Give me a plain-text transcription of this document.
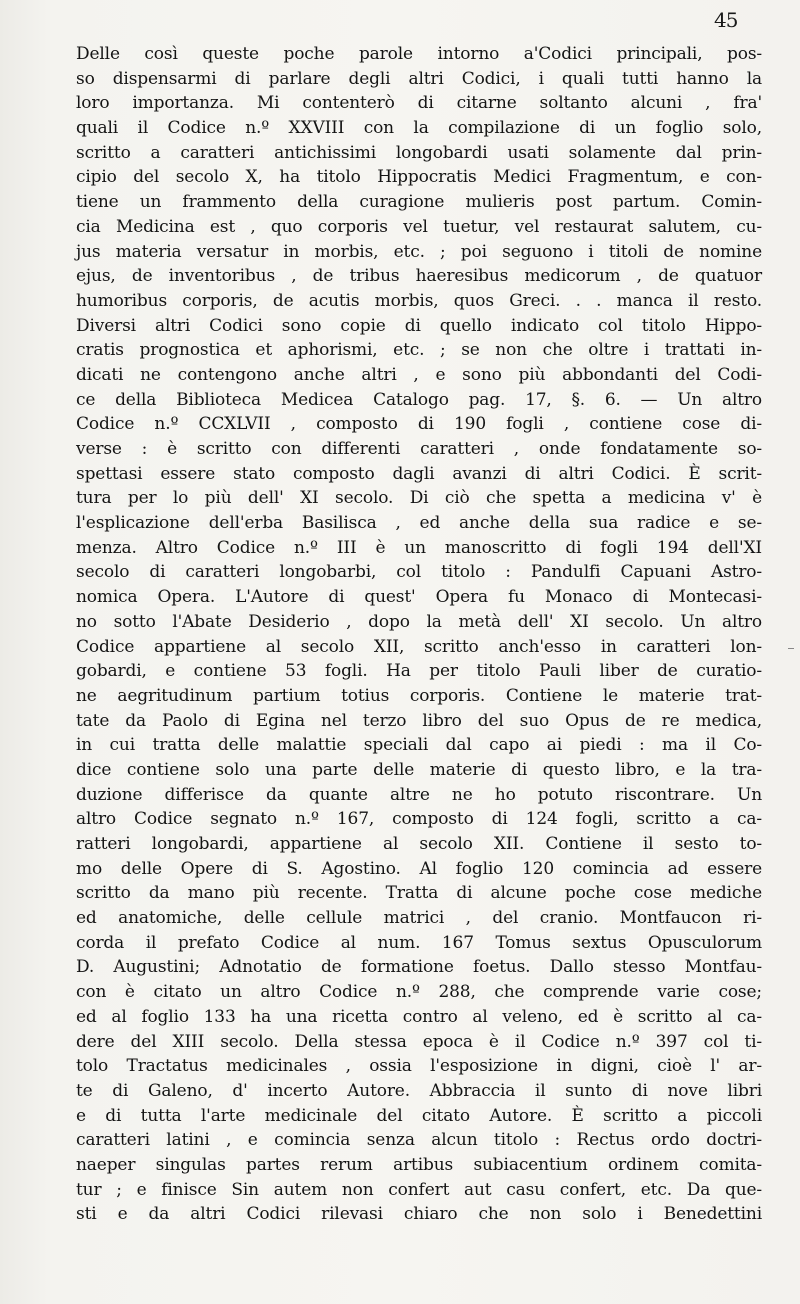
45
Delle così queste poche parole intorno a'Codici principali, pos-
so dispensarmi di parlare degli altri Codici, i quali tutti hanno la
loro importanza. Mi contenterò di citarne soltanto alcuni , fra'
quali il Codice n.º XXVIII con la compilazione di un foglio solo,
scritto a caratteri antichissimi longobardi usati solamente dal prin-
cipio del secolo X, ha titolo Hippocratis Medici Fragmentum, e con-
tiene un frammento della curagione mulieris post partum. Comin-
cia Medicina est , quo corporis vel tuetur, vel restaurat salutem, cu-
jus materia versatur in morbis, etc. ; poi seguono i titoli de nomine
ejus, de inventoribus , de tribus haeresibus medicorum , de quatuor
humoribus corporis, de acutis morbis, quos Greci. . . manca il resto.
Diversi altri Codici sono copie di quello indicato col titolo Hippo-
cratis prognostica et aphorismi, etc. ; se non che oltre i trattati in-
dicati ne contengono anche altri , e sono più abbondanti del Codi-
ce della Biblioteca Medicea Catalogo pag. 17, §. 6. — Un altro
Codice n.º CCXLVII , composto di 190 fogli , contiene cose di-
verse : è scritto con differenti caratteri , onde fondatamente so-
spettasi essere stato composto dagli avanzi di altri Codici. È scrit-
tura per lo più dell' XI secolo. Di ciò che spetta a medicina v' è
l'esplicazione dell'erba Basilisca , ed anche della sua radice e se-
menza. Altro Codice n.º III è un manoscritto di fogli 194 dell'XI
secolo di caratteri longobarbi, col titolo : Pandulfi Capuani Astro-
nomica Opera. L'Autore di quest' Opera fu Monaco di Montecasi-
no sotto l'Abate Desiderio , dopo la metà dell' XI secolo. Un altro
Codice appartiene al secolo XII, scritto anch'esso in caratteri lon-
gobardi, e contiene 53 fogli. Ha per titolo Pauli liber de curatio-
ne aegritudinum partium totius corporis. Contiene le materie trat-
tate da Paolo di Egina nel terzo libro del suo Opus de re medica,
in cui tratta delle malattie speciali dal capo ai piedi : ma il Co-
dice contiene solo una parte delle materie di questo libro, e la tra-
duzione differisce da quante altre ne ho potuto riscontrare. Un
altro Codice segnato n.º 167, composto di 124 fogli, scritto a ca-
ratteri longobardi, appartiene al secolo XII. Contiene il sesto to-
mo delle Opere di S. Agostino. Al foglio 120 comincia ad essere
scritto da mano più recente. Tratta di alcune poche cose mediche
ed anatomiche, delle cellule matrici , del cranio. Montfaucon ri-
corda il prefato Codice al num. 167 Tomus sextus Opusculorum
D. Augustini; Adnotatio de formatione foetus. Dallo stesso Montfau-
con è citato un altro Codice n.º 288, che comprende varie cose;
ed al foglio 133 ha una ricetta contro al veleno, ed è scritto al ca-
dere del XIII secolo. Della stessa epoca è il Codice n.º 397 col ti-
tolo Tractatus medicinales , ossia l'esposizione in digni, cioè l' ar-
te di Galeno, d' incerto Autore. Abbraccia il sunto di nove libri
e di tutta l'arte medicinale del citato Autore. È scritto a piccoli
caratteri latini , e comincia senza alcun titolo : Rectus ordo doctri-
naeper singulas partes rerum artibus subiacentium ordinem comita-
tur ; e finisce Sin autem non confert aut casu confert, etc. Da que-
sti e da altri Codici rilevasi chiaro che non solo i Benedettini
